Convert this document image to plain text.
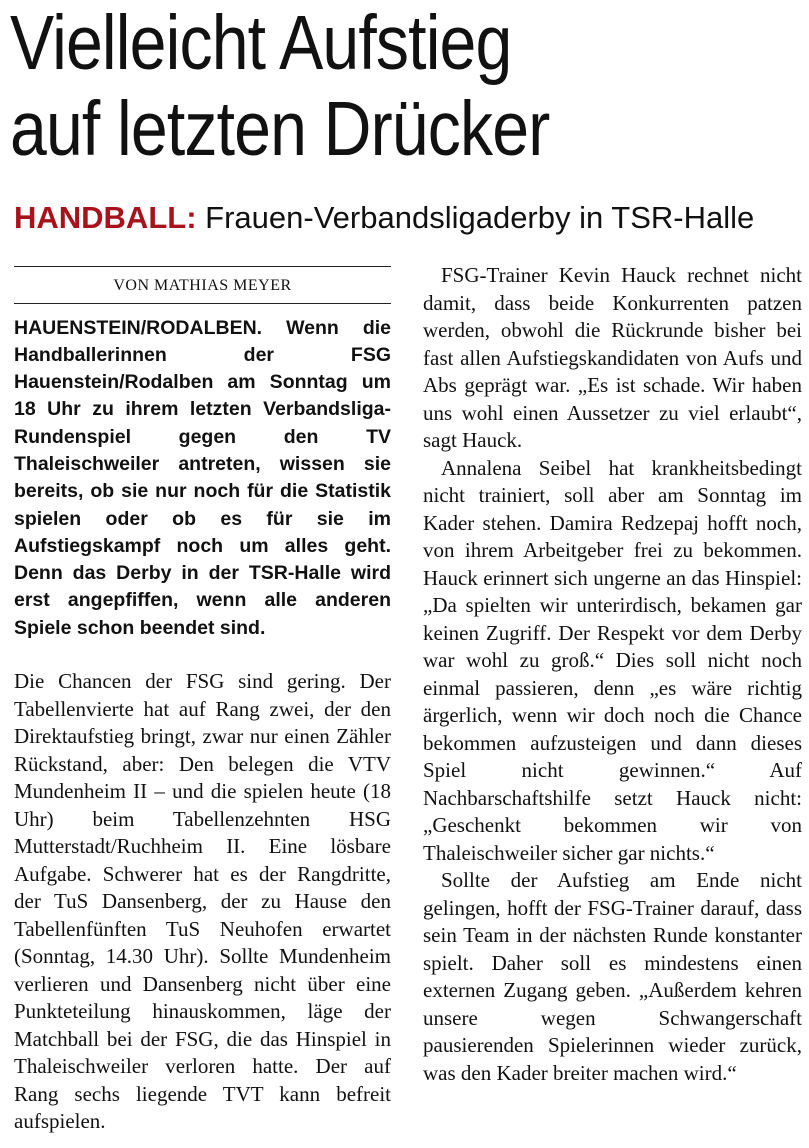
Vielleicht Aufstieg
auf letzten Drücker
HANDBALL: Frauen-Verbandsligaderby in TSR-Halle
VON MATHIAS MEYER

HAUENSTEIN/RODALBEN. Wenn die Handballerinnen der FSG Hauenstein/Rodalben am Sonntag um 18 Uhr zu ihrem letzten Verbandsliga-Rundenspiel gegen den TV Thaleischweiler antreten, wissen sie bereits, ob sie nur noch für die Statistik spielen oder ob es für sie im Aufstiegskampf noch um alles geht. Denn das Derby in der TSR-Halle wird erst angepfiffen, wenn alle anderen Spiele schon beendet sind.

Die Chancen der FSG sind gering. Der Tabellenvierte hat auf Rang zwei, der den Direktaufstieg bringt, zwar nur einen Zähler Rückstand, aber: Den belegen die VTV Mundenheim II – und die spielen heute (18 Uhr) beim Tabellenzehnten HSG Mutterstadt/Ruchheim II. Eine lösbare Aufgabe. Schwerer hat es der Rangdritte, der TuS Dansenberg, der zu Hause den Tabellenfünften TuS Neuhofen erwartet (Sonntag, 14.30 Uhr). Sollte Mundenheim verlieren und Dansenberg nicht über eine Punkteteilung hinauskommen, läge der Matchball bei der FSG, die das Hinspiel in Thaleischweiler verloren hatte. Der auf Rang sechs liegende TVT kann befreit aufspielen.

FSG-Trainer Kevin Hauck rechnet nicht damit, dass beide Konkurrenten patzen werden, obwohl die Rückrunde bisher bei fast allen Aufstiegskandidaten von Aufs und Abs geprägt war. „Es ist schade. Wir haben uns wohl einen Aussetzer zu viel erlaubt“, sagt Hauck.

Annalena Seibel hat krankheitsbedingt nicht trainiert, soll aber am Sonntag im Kader stehen. Damira Redzepaj hofft noch, von ihrem Arbeitgeber frei zu bekommen. Hauck erinnert sich ungerne an das Hinspiel: „Da spielten wir unterirdisch, bekamen gar keinen Zugriff. Der Respekt vor dem Derby war wohl zu groß.“ Dies soll nicht noch einmal passieren, denn „es wäre richtig ärgerlich, wenn wir doch noch die Chance bekommen aufzusteigen und dann dieses Spiel nicht gewinnen.“ Auf Nachbarschaftshilfe setzt Hauck nicht: „Geschenkt bekommen wir von Thaleischweiler sicher gar nichts.“

Sollte der Aufstieg am Ende nicht gelingen, hofft der FSG-Trainer darauf, dass sein Team in der nächsten Runde konstanter spielt. Daher soll es mindestens einen externen Zugang geben. „Außerdem kehren unsere wegen Schwangerschaft pausierenden Spielerinnen wieder zurück, was den Kader breiter machen wird.“
